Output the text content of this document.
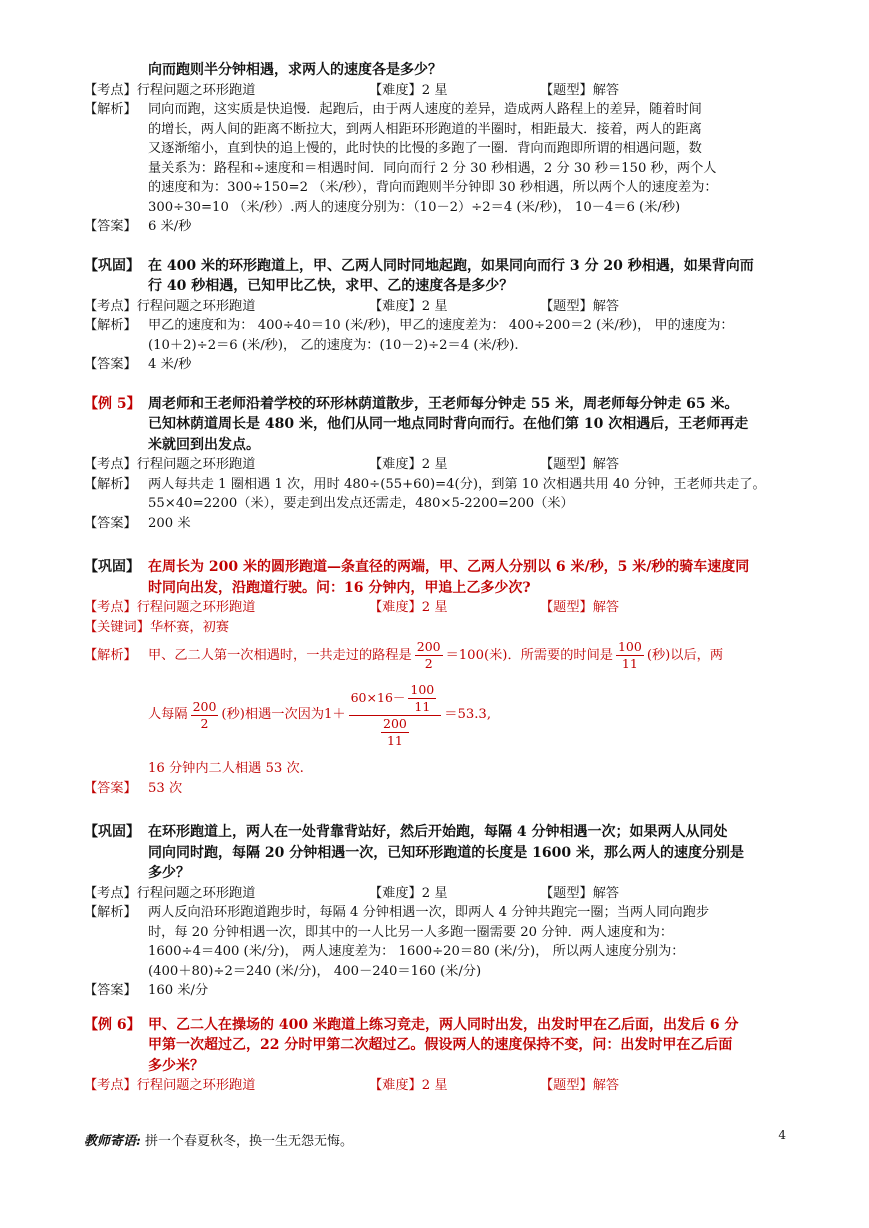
向而跑则半分钟相遇，求两人的速度各是多少？
【考点】行程问题之环形跑道	【难度】2 星	【题型】解答
【解析】 同向而跑，这实质是快追慢．起跑后，由于两人速度的差异，造成两人路程上的差异，随着时间
的增长，两人间的距离不断拉大，到两人相距环形跑道的半圈时，相距最大．接着，两人的距离
又逐渐缩小，直到快的追上慢的，此时快的比慢的多跑了一圈．背向而跑即所谓的相遇问题，数
量关系为：路程和÷速度和＝相遇时间．同向而行 2 分 30 秒相遇，2 分 30 秒＝150 秒，两个人
的速度和为：300÷150=2 （米/秒），背向而跑则半分钟即 30 秒相遇，所以两个人的速度差为：
300÷30=10 （米/秒）.两人的速度分别为：（10－2）÷2＝4 (米/秒)， 10－4＝6 (米/秒)
【答案】 6 米/秒
【巩固】 在 400 米的环形跑道上，甲、乙两人同时同地起跑，如果同向而行 3 分 20 秒相遇，如果背向而
行 40 秒相遇，已知甲比乙快，求甲、乙的速度各是多少？
【考点】行程问题之环形跑道	【难度】2 星	【题型】解答
【解析】 甲乙的速度和为： 400÷40＝10 (米/秒)，甲乙的速度差为： 400÷200＝2 (米/秒)， 甲的速度为：
(10＋2)÷2＝6 (米/秒)， 乙的速度为：(10－2)÷2＝4 (米/秒).
【答案】 4 米/秒
【例 5】 周老师和王老师沿着学校的环形林荫道散步，王老师每分钟走 55 米，周老师每分钟走 65 米。
已知林荫道周长是 480 米，他们从同一地点同时背向而行。在他们第 10 次相遇后，王老师再走
米就回到出发点。
【考点】行程问题之环形跑道	【难度】2 星	【题型】解答
【解析】 两人每共走 1 圈相遇 1 次，用时 480÷(55+60)=4(分)，到第 10 次相遇共用 40 分钟，王老师共走了。
55×40=2200（米），要走到出发点还需走，480×5-2200=200（米）
【答案】 200 米
【巩固】 在周长为 200 米的圆形跑道—条直径的两端，甲、乙两人分别以 6 米/秒，5 米/秒的骑车速度同
时同向出发，沿跑道行驶。问：16 分钟内，甲追上乙多少次?
【考点】行程问题之环形跑道	【难度】2 星	【题型】解答
【关键词】华杯赛，初赛
【解析】 甲、乙二人第一次相遇时，一共走过的路程是 $\frac{200}{2} =100$(米)．所需要的时间是 $\frac{100}{11}$ (秒)以后，两
人每隔 $\frac{200}{2}$ (秒)相遇一次因为 $1+ \frac{60\times 16- \frac{100}{11}}{\frac{200}{11}} =53.3$,
16 分钟内二人相遇 53 次.
【答案】 53 次
【巩固】 在环形跑道上，两人在一处背靠背站好，然后开始跑，每隔 4 分钟相遇一次；如果两人从同处
同向同时跑，每隔 20 分钟相遇一次，已知环形跑道的长度是 1600 米，那么两人的速度分别是
多少？
【考点】行程问题之环形跑道	【难度】2 星	【题型】解答
【解析】 两人反向沿环形跑道跑步时，每隔 4 分钟相遇一次，即两人 4 分钟共跑完一圈；当两人同向跑步
时，每 20 分钟相遇一次，即其中的一人比另一人多跑一圈需要 20 分钟．两人速度和为：
1600÷4＝400 (米/分)， 两人速度差为： 1600÷20＝80 (米/分)， 所以两人速度分别为：
(400＋80)÷2＝240 (米/分)， 400－240＝160 (米/分)
【答案】 160 米/分
【例 6】 甲、乙二人在操场的 400 米跑道上练习竞走，两人同时出发，出发时甲在乙后面，出发后 6 分
甲第一次超过乙，22 分时甲第二次超过乙。假设两人的速度保持不变，问：出发时甲在乙后面
多少米？
【考点】行程问题之环形跑道	【难度】2 星	【题型】解答
教师寄语: 拼一个春夏秋冬，换一生无怨无悔。	4
